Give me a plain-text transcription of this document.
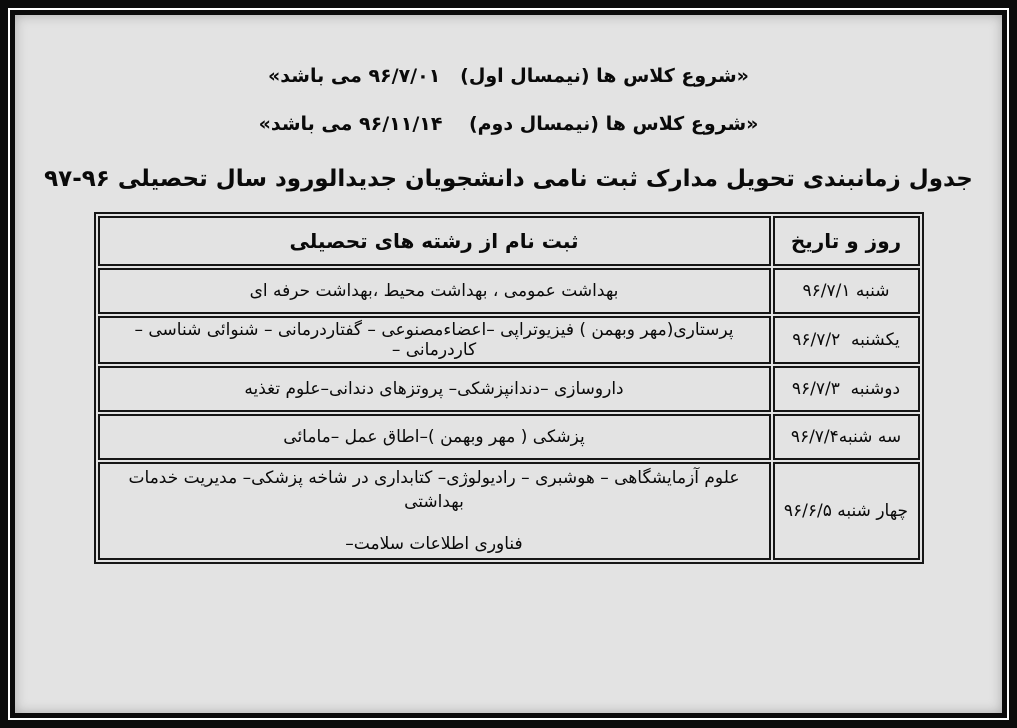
«شروع کلاس ها (نیمسال اول)   ۹۶/۷/۰۱ می باشد»
«شروع کلاس ها (نیمسال دوم)    ۹۶/۱۱/۱۴ می باشد»
جدول زمانبندی تحویل مدارک ثبت نامی دانشجویان جدیدالورود سال تحصیلی ۹۶-۹۷
روز و تاریخ	ثبت نام از رشته های تحصیلی
شنبه ۹۶/۷/۱	بهداشت عمومی ، بهداشت محیط ،بهداشت حرفه ای
یکشنبه  ۹۶/۷/۲	پرستاری(مهر وبهمن ) فیزیوتراپی –اعضاءمصنوعی – گفتاردرمانی – شنوائی شناسی – کاردرمانی –
دوشنبه  ۹۶/۷/۳	داروسازی –دندانپزشکی– پروتزهای دندانی–علوم تغذیه
سه شنبه۹۶/۷/۴	پزشکی ( مهر وبهمن )–اطاق عمل –مامائی
چهار شنبه ۹۶/۶/۵	علوم آزمایشگاهی – هوشبری – رادیولوژی– کتابداری در شاخه پزشکی– مدیریت خدمات بهداشتی
فناوری اطلاعات سلامت–
